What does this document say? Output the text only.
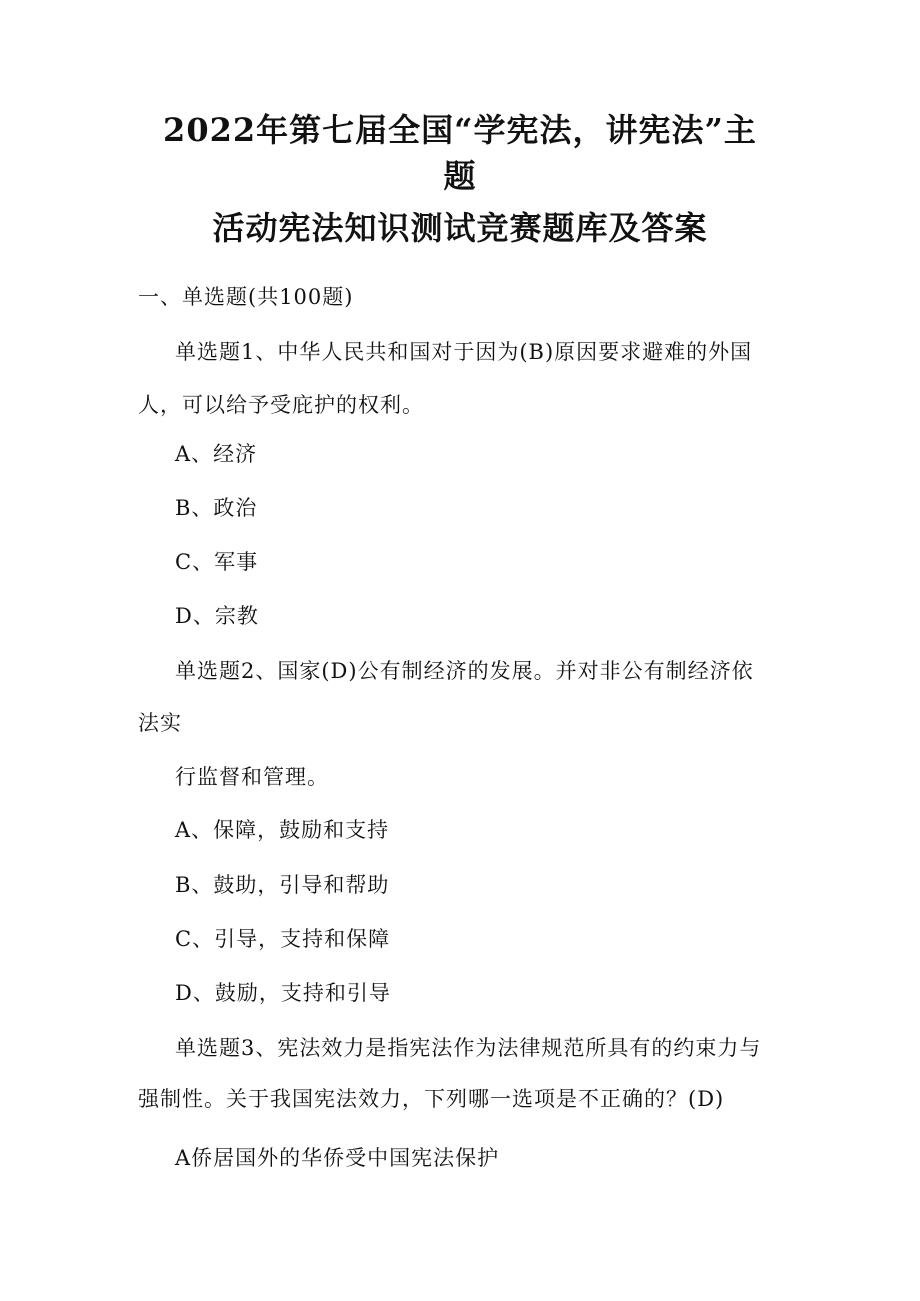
2022年第七届全国“学宪法，讲宪法”主
题
活动宪法知识测试竞赛题库及答案
一、单选题(共100题)
单选题1、中华人民共和国对于因为(B)原因要求避难的外国
人，可以给予受庇护的权利。
A、经济
B、政治
C、军事
D、宗教
单选题2、国家(D)公有制经济的发展。并对非公有制经济依
法实
行监督和管理。
A、保障，鼓励和支持
B、鼓助，引导和帮助
C、引导，支持和保障
D、鼓励，支持和引导
单选题3、宪法效力是指宪法作为法律规范所具有的约束力与
强制性。关于我国宪法效力，下列哪一选项是不正确的？(D)
A侨居国外的华侨受中国宪法保护
